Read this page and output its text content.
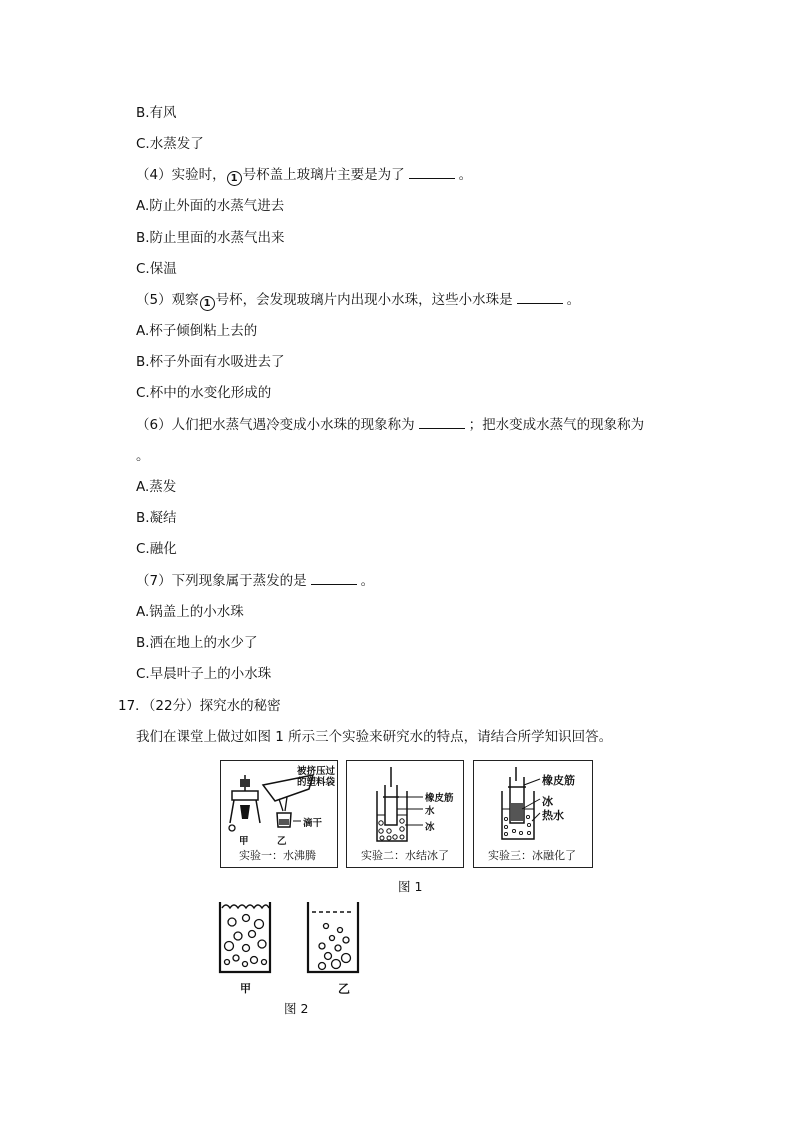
B.有风
C.水蒸发了
（4）实验时， 1 号杯盖上玻璃片主要是为了	。
A.防止外面的水蒸气进去
B.防止里面的水蒸气出来
C.保温
（5）观察 1 号杯，会发现玻璃片内出现小水珠，这些小水珠是	。
A.杯子倾倒粘上去的
B.杯子外面有水吸进去了
C.杯中的水变化形成的
（6）人们把水蒸气遇冷变成小水珠的现象称为	；把水变成水蒸气的现象称为
。
A.蒸发
B.凝结
C.融化
（7）下列现象属于蒸发的是	。
A.锅盖上的小水珠
B.洒在地上的水少了
C.早晨叶子上的小水珠
17．（22分）探究水的秘密
我们在课堂上做过如图 1 所示三个实验来研究水的特点，请结合所学知识回答。
被挤压过
的塑料袋
甲	乙
滴干
实验一：水沸腾
橡皮筋
水
冰
实验二：水结冰了
橡皮筋
冰
热水
实验三：冰融化了
图 1
甲	乙
图 2
